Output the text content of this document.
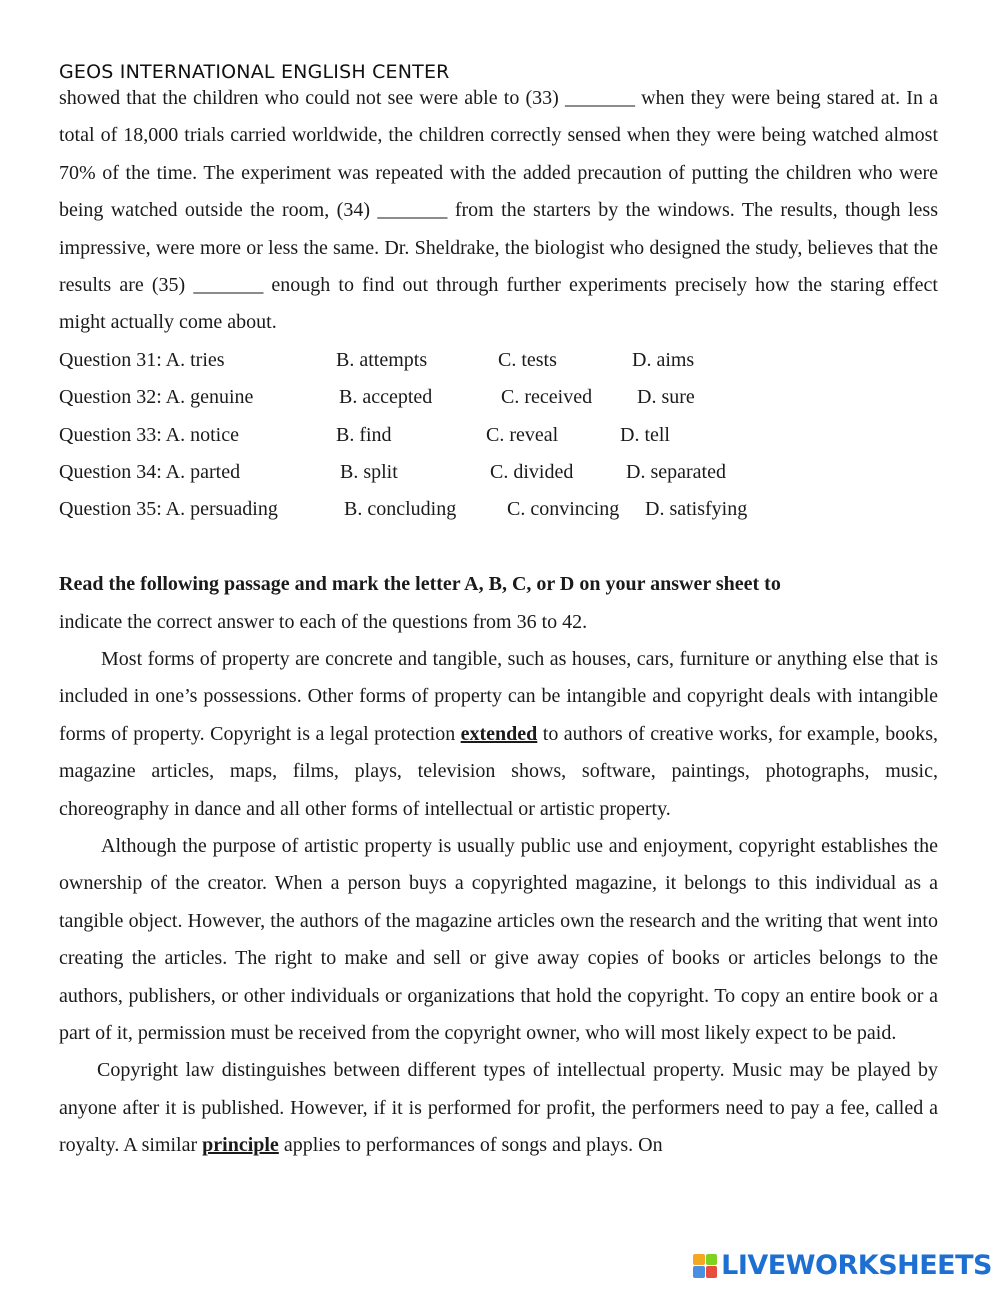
GEOS INTERNATIONAL ENGLISH CENTER

showed that the children who could not see were able to (33) _______ when they were being stared at. In a total of 18,000 trials carried worldwide, the children correctly sensed when they were being watched almost 70% of the time. The experiment was repeated with the added precaution of putting the children who were being watched outside the room, (34) _______ from the starters by the windows. The results, though less impressive, were more or less the same. Dr. Sheldrake, the biologist who designed the study, believes that the results are (35) _______ enough to find out through further experiments precisely how the staring effect might actually come about.

Question 31: A. tries	B. attempts	C. tests	D. aims
Question 32: A. genuine	B. accepted	C. received	D. sure
Question 33: A. notice	B. find	C. reveal	D. tell
Question 34: A. parted	B. split	C. divided	D. separated
Question 35: A. persuading	B. concluding	C. convincing	D. satisfying

Read the following passage and mark the letter A, B, C, or D on your answer sheet to
indicate the correct answer to each of the questions from 36 to 42.

Most forms of property are concrete and tangible, such as houses, cars, furniture or anything else that is included in one’s possessions. Other forms of property can be intangible and copyright deals with intangible forms of property. Copyright is a legal protection extended to authors of creative works, for example, books, magazine articles, maps, films, plays, television shows, software, paintings, photographs, music, choreography in dance and all other forms of intellectual or artistic property.

Although the purpose of artistic property is usually public use and enjoyment, copyright establishes the ownership of the creator. When a person buys a copyrighted magazine, it belongs to this individual as a tangible object. However, the authors of the magazine articles own the research and the writing that went into creating the articles. The right to make and sell or give away copies of books or articles belongs to the authors, publishers, or other individuals or organizations that hold the copyright. To copy an entire book or a part of it, permission must be received from the copyright owner, who will most likely expect to be paid.

Copyright law distinguishes between different types of intellectual property. Music may be played by anyone after it is published. However, if it is performed for profit, the performers need to pay a fee, called a royalty. A similar principle applies to performances of songs and plays. On

LIVEWORKSHEETS
